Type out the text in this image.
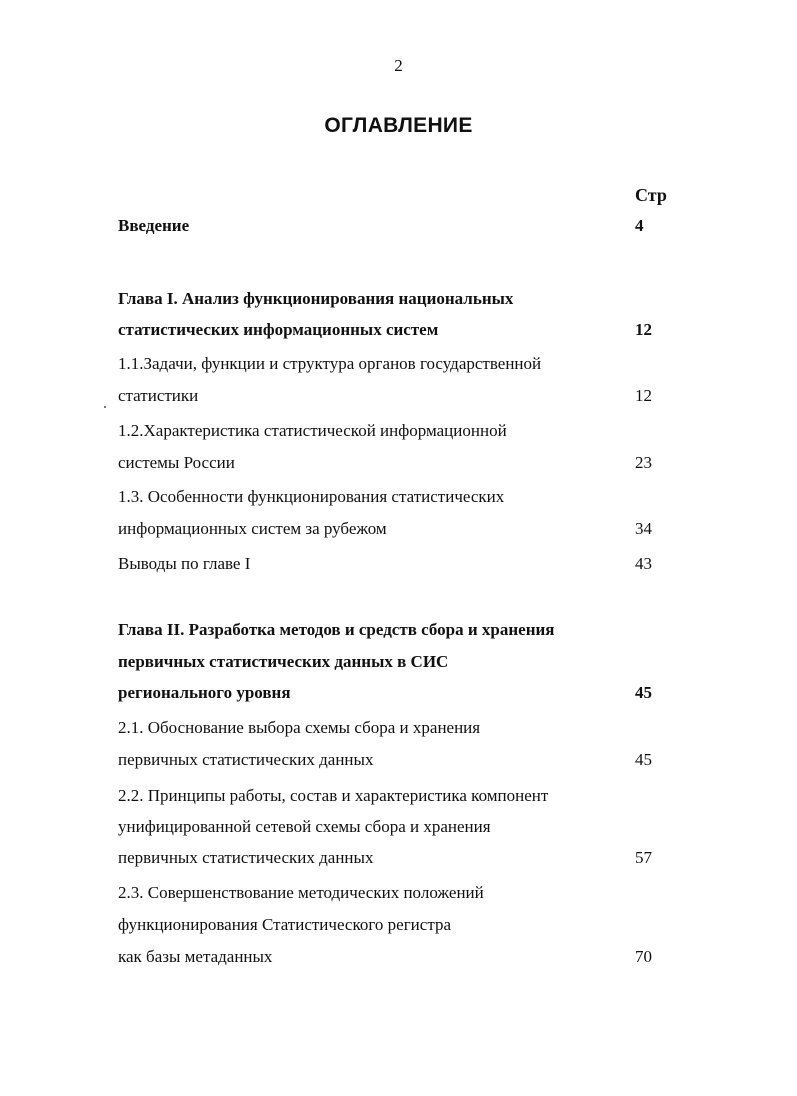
2
ОГЛАВЛЕНИЕ
Стр
Введение	4
Глава I. Анализ функционирования национальных
статистических информационных систем	12
1.1.Задачи, функции и структура органов государственной
статистики	12
1.2.Характеристика статистической информационной
системы России	23
1.3. Особенности функционирования статистических
информационных систем за рубежом	34
Выводы по главе I	43
Глава II. Разработка методов и средств сбора и хранения
первичных статистических данных в СИС
регионального уровня	45
2.1. Обоснование выбора схемы сбора и хранения
первичных статистических данных	45
2.2. Принципы работы, состав и характеристика компонент
унифицированной сетевой схемы сбора и хранения
первичных статистических данных	57
2.3. Совершенствование методических положений
функционирования Статистического регистра
как базы метаданных	70
